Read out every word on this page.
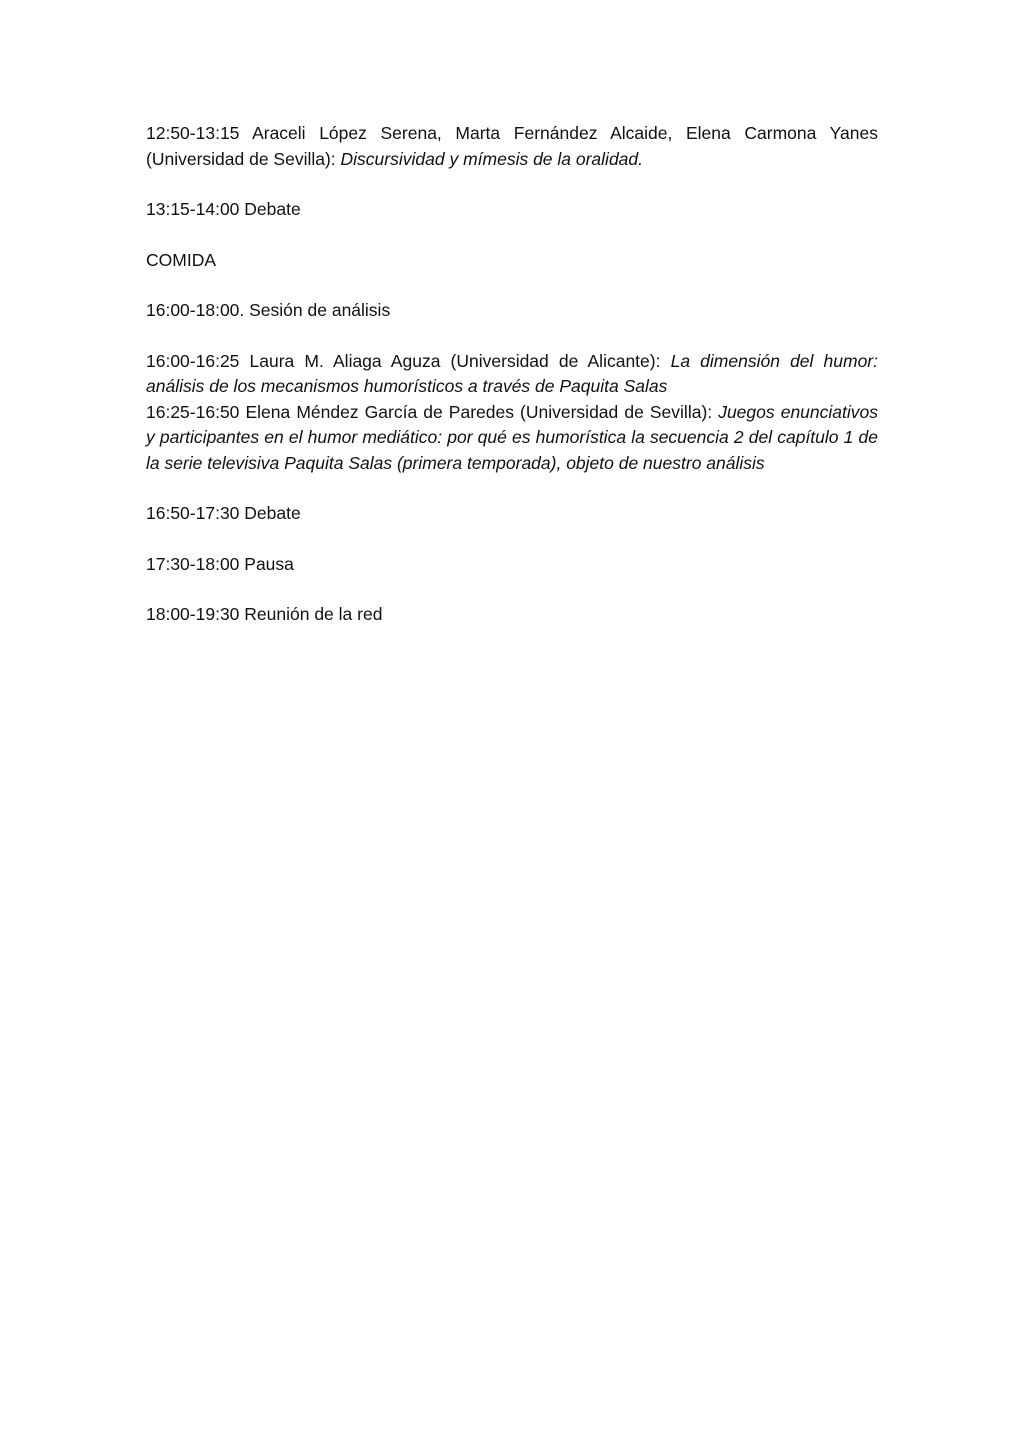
12:50-13:15 Araceli López Serena, Marta Fernández Alcaide, Elena Carmona Yanes (Universidad de Sevilla): Discursividad y mímesis de la oralidad.

13:15-14:00 Debate

COMIDA

16:00-18:00. Sesión de análisis

16:00-16:25 Laura M. Aliaga Aguza (Universidad de Alicante): La dimensión del humor: análisis de los mecanismos humorísticos a través de Paquita Salas

16:25-16:50 Elena Méndez García de Paredes (Universidad de Sevilla): Juegos enunciativos y participantes en el humor mediático: por qué es humorística la secuencia 2 del capítulo 1 de la serie televisiva Paquita Salas (primera temporada), objeto de nuestro análisis

16:50-17:30 Debate

17:30-18:00 Pausa

18:00-19:30 Reunión de la red
